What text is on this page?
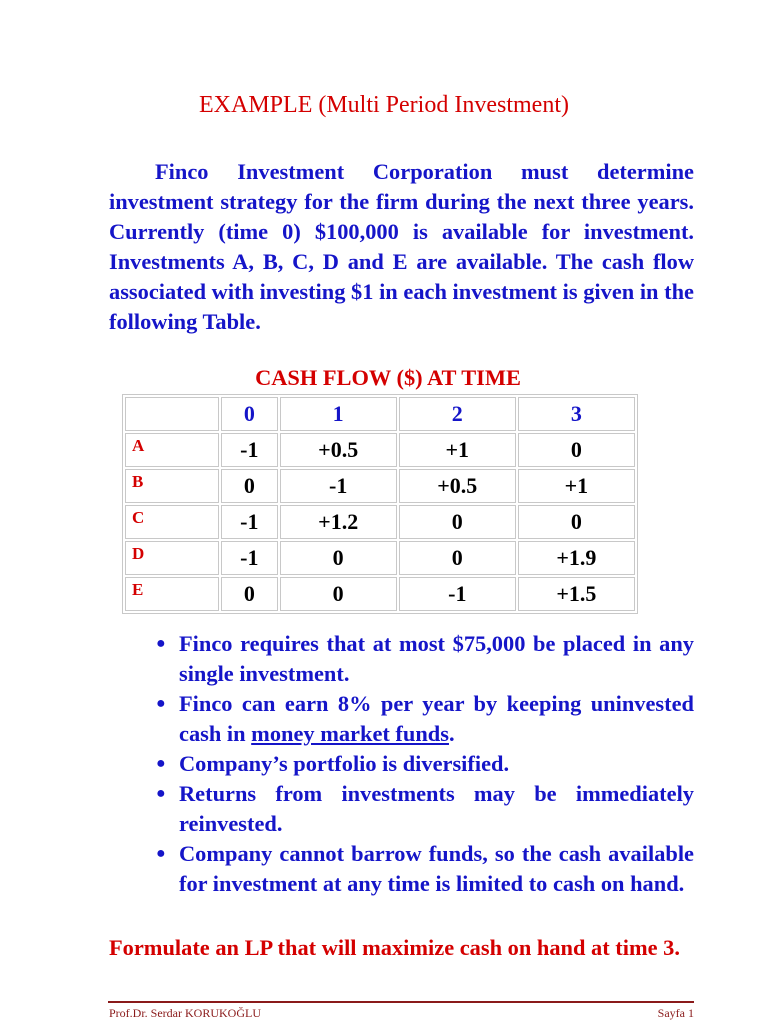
EXAMPLE (Multi Period Investment)

Finco Investment Corporation must determine investment strategy for the firm during the next three years. Currently (time 0) $100,000 is available for investment. Investments A, B, C, D and E are available. The cash flow associated with investing $1 in each investment is given in the following Table.

CASH FLOW ($) AT TIME
	0	1	2	3
A	-1	+0.5	+1	0
B	0	-1	+0.5	+1
C	-1	+1.2	0	0
D	-1	0	0	+1.9
E	0	0	-1	+1.5
● Finco requires that at most $75,000 be placed in any single investment.
● Finco can earn 8% per year by keeping uninvested cash in money market funds.
● Company’s portfolio is diversified.
● Returns from investments may be immediately reinvested.
● Company cannot barrow funds, so the cash available for investment at any time is limited to cash on hand.

Formulate an LP that will maximize cash on hand at time 3.

Prof.Dr. Serdar KORUKOĞLU	Sayfa 1
